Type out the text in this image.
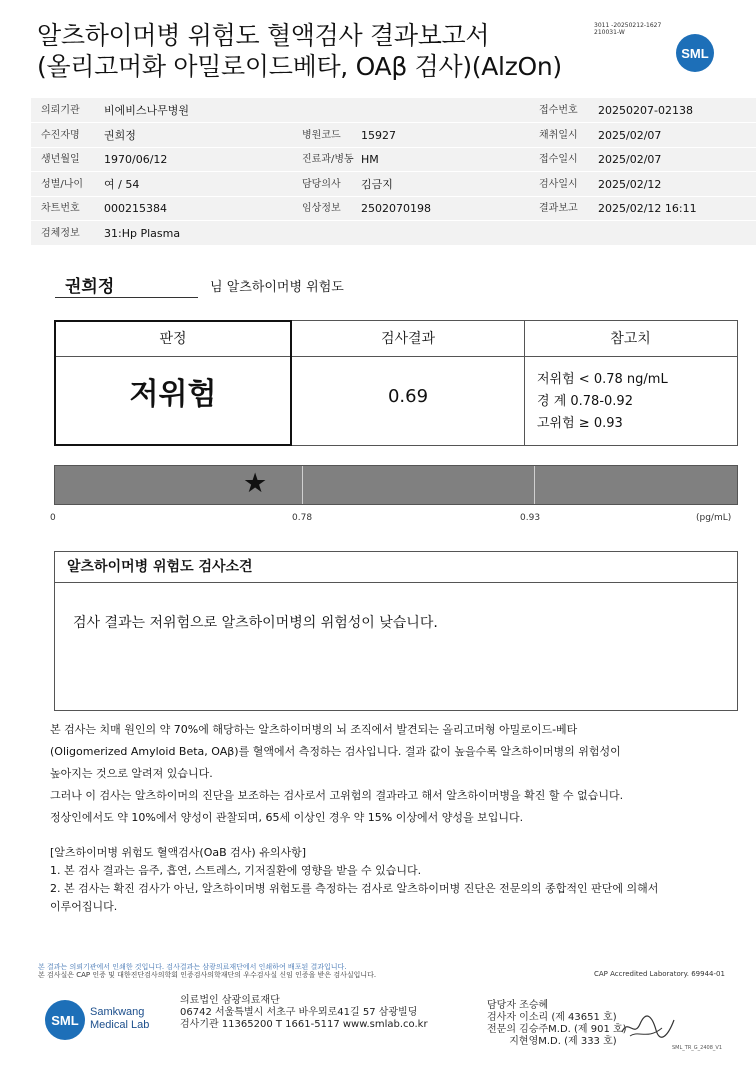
알츠하이머병 위험도 혈액검사 결과보고서
(올리고머화 아밀로이드베타, OAβ 검사)(AlzOn)
3011 -20250212-1627
210031-W
SML
의뢰기관 비에비스나무병원	접수번호 20250207-02138
수진자명 권희정	병원코드 15927	채취일시 2025/02/07
생년월일 1970/06/12	진료과/병동 HM	접수일시 2025/02/07
성별/나이 여 / 54	담당의사 김금지	검사일시 2025/02/12
차트번호 000215384	임상정보 2502070198	결과보고 2025/02/12 16:11
검체정보 31:Hp Plasma
권희정	님 알츠하이머병 위험도
판정	검사결과	참고치
저위험	0.69
저위험 < 0.78 ng/mL
경 계 0.78-0.92
고위험 ≥ 0.93
★
0	0.78	0.93	(pg/mL)
알츠하이머병 위험도 검사소견
검사 결과는 저위험으로 알츠하이머병의 위험성이 낮습니다.
본 검사는 치매 원인의 약 70%에 해당하는 알츠하이머병의 뇌 조직에서 발견되는 올리고머형 아밀로이드-베타
(Oligomerized Amyloid Beta, OAβ)를 혈액에서 측정하는 검사입니다. 결과 값이 높을수록 알츠하이머병의 위험성이
높아지는 것으로 알려져 있습니다.
그러나 이 검사는 알츠하이머의 진단을 보조하는 검사로서 고위험의 결과라고 해서 알츠하이머병을 확진 할 수 없습니다.
정상인에서도 약 10%에서 양성이 관찰되며, 65세 이상인 경우 약 15% 이상에서 양성을 보입니다.
[알츠하이머병 위험도 혈액검사(OaB 검사) 유의사항]
1. 본 검사 결과는 음주, 흡연, 스트레스, 기저질환에 영향을 받을 수 있습니다.
2. 본 검사는 확진 검사가 아닌, 알츠하이머병 위험도를 측정하는 검사로 알츠하이머병 진단은 전문의의 종합적인 판단에 의해서
이루어집니다.
본 결과는 의뢰기관에서 인쇄한 것입니다. 검사결과는 삼광의료재단에서 인쇄하여 배포된 결과입니다.
본 검사실은 CAP 인증 및 대한진단검사의학회 인증검사의학재단의 우수검사실 신임 인증을 받은 검사실입니다.	CAP Accredited Laboratory. 69944-01
SML
Samkwang
Medical Lab
의료법인 삼광의료재단
06742 서울특별시 서초구 바우뫼로41길 57 삼광빌딩
검사기관 11365200 T 1661-5117 www.smlab.co.kr
담당자 조승혜
검사자 이소리 (제 43651 호)
전문의 김승주M.D. (제 901 호)
지현영M.D. (제 333 호)
SML_TR_G_2408_V1
